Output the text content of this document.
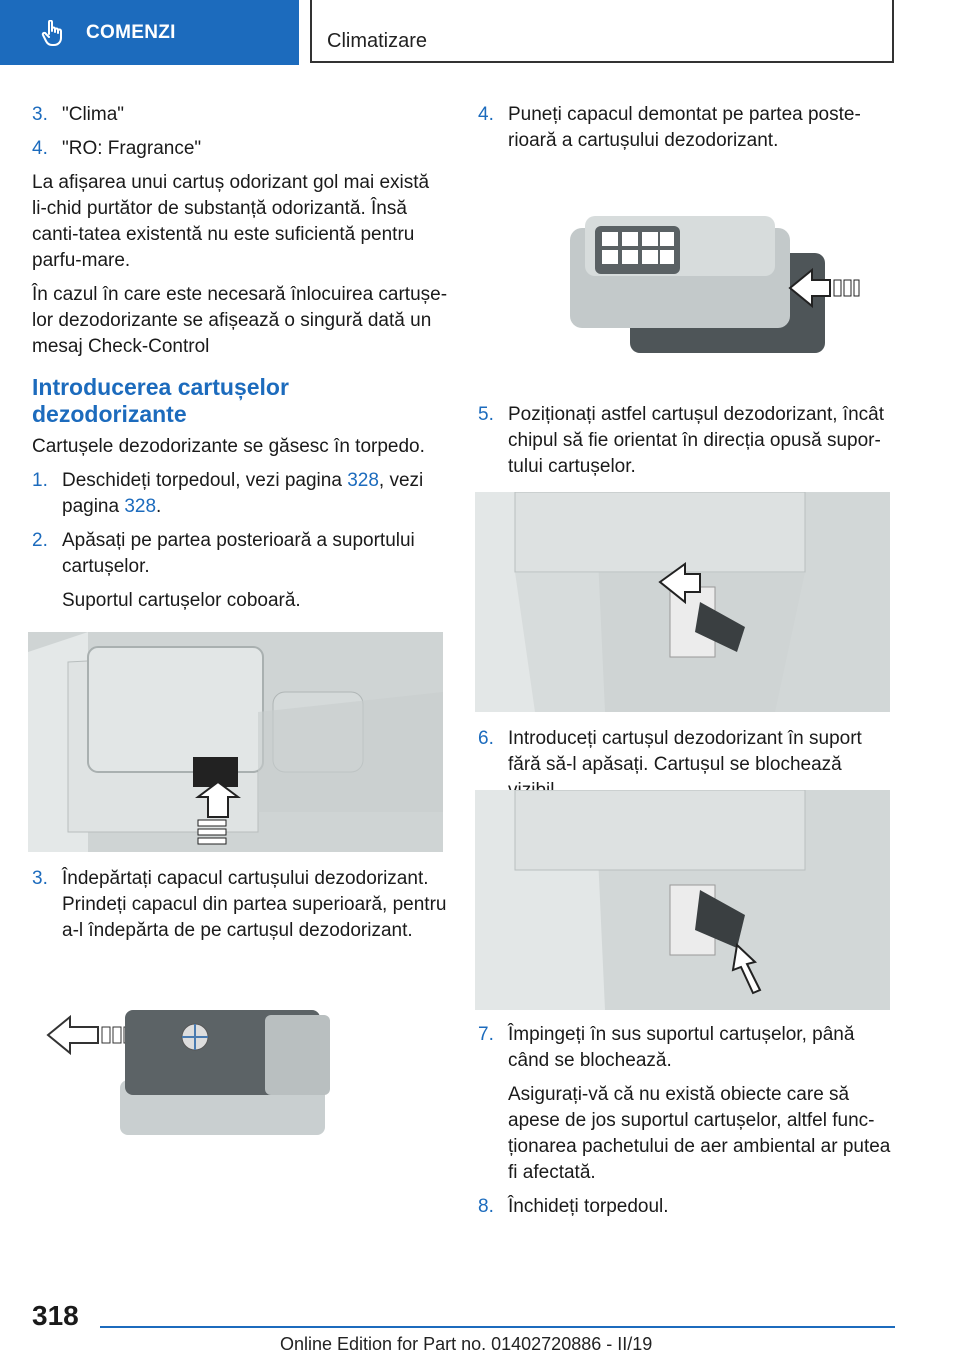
COMENZI	Climatizare
3. "Clima"
4. "RO: Fragrance"
La afișarea unui cartuș odorizant gol mai există li-chid purtător de substanță odorizantă. Însă canti-tatea existentă nu este suficientă pentru parfu-mare.
În cazul în care este necesară înlocuirea cartușe-lor dezodorizante se afișează o singură dată un mesaj Check-Control
Introducerea cartușelor dezodorizante
Cartușele dezodorizante se găsesc în torpedo.
1. Deschideți torpedoul, vezi pagina 328, vezi pagina 328.
2. Apăsați pe partea posterioară a suportului cartușelor.
Suportul cartușelor coboară.
3. Îndepărtați capacul cartușului dezodorizant. Prindeți capacul din partea superioară, pentru a-l îndepărta de pe cartușul dezodorizant.
4. Puneți capacul demontat pe partea poste-rioară a cartușului dezodorizant.
5. Poziționați astfel cartușul dezodorizant, încât chipul să fie orientat în direcția opusă supor-tului cartușelor.
6. Introduceți cartușul dezodorizant în suport fără să-l apăsați. Cartușul se blochează
7. Împingeți în sus suportul cartușelor, până când se blochează.
Asigurați-vă că nu există obiecte care să apese de jos suportul cartușelor, altfel func-ționarea pachetului de aer ambiental ar putea fi afectată.
8. Închideți torpedoul.
318
Online Edition for Part no. 01402720886 - II/19
